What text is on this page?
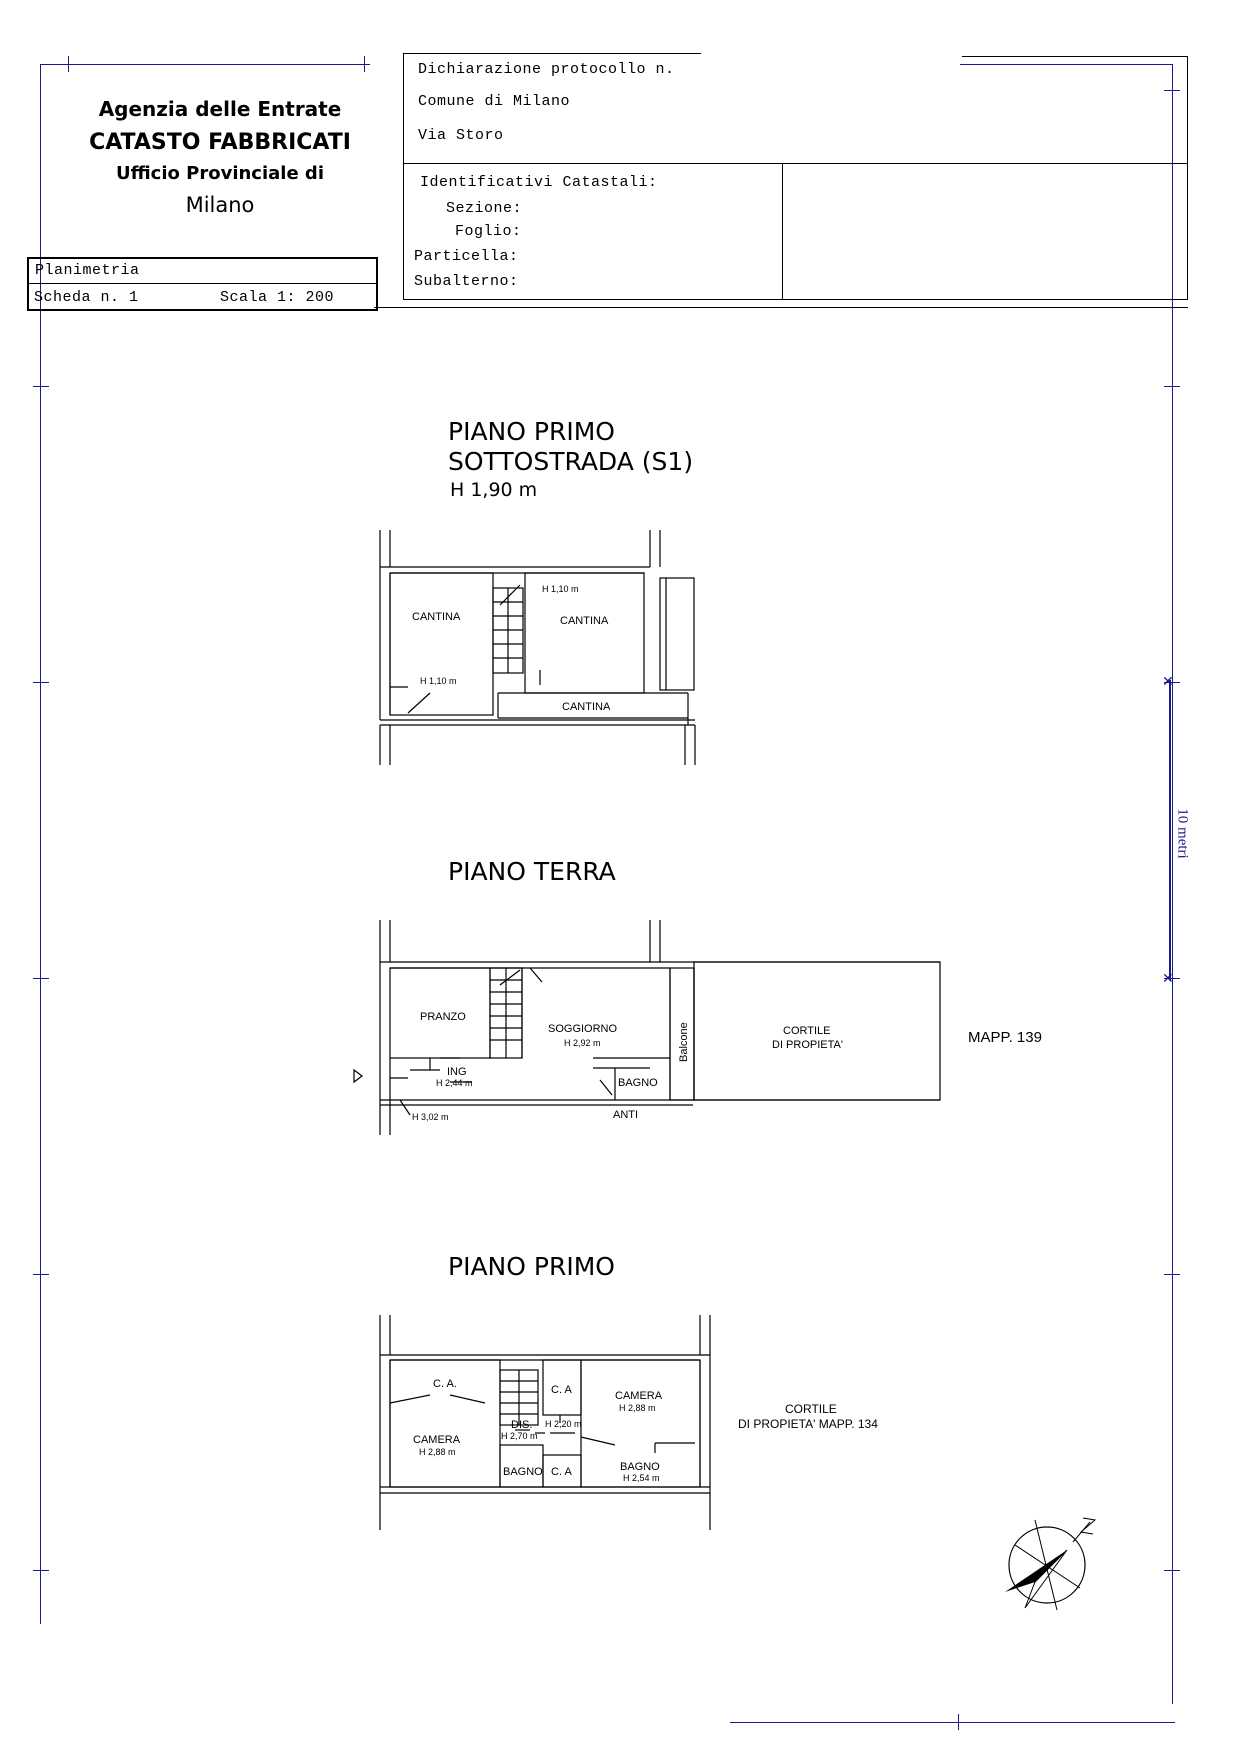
Agenzia delle Entrate
CATASTO FABBRICATI
Ufficio Provinciale di
Milano
Planimetria
Scheda n. 1	Scala 1: 200
Dichiarazione protocollo n.
Comune di Milano
Via Storo
Identificativi Catastali:
Sezione:
Foglio:
Particella:
Subalterno:
✕
✕
10 metri
PIANO PRIMO
SOTTOSTRADA (S1)
H 1,90 m
CANTINA	CANTINA
CANTINA
H 1,10 m
H 1,10 m
PIANO TERRA
PRANZO
SOGGIORNO
H 2,92 m	Balcone	CORTILE
DI PROPIETA'
ING
H 2,44 m	BAGNO
ANTI
H 3,02 m
MAPP. 139
PIANO PRIMO
C. A.	C. A
C. A
CAMERA
H 2,88 m
CAMERA
H 2,88 m
DIS.
H 2,70 m
H 2,20 m
BAGNO	BAGNO
H 2,54 m
CORTILE
DI PROPIETA' MAPP. 134
